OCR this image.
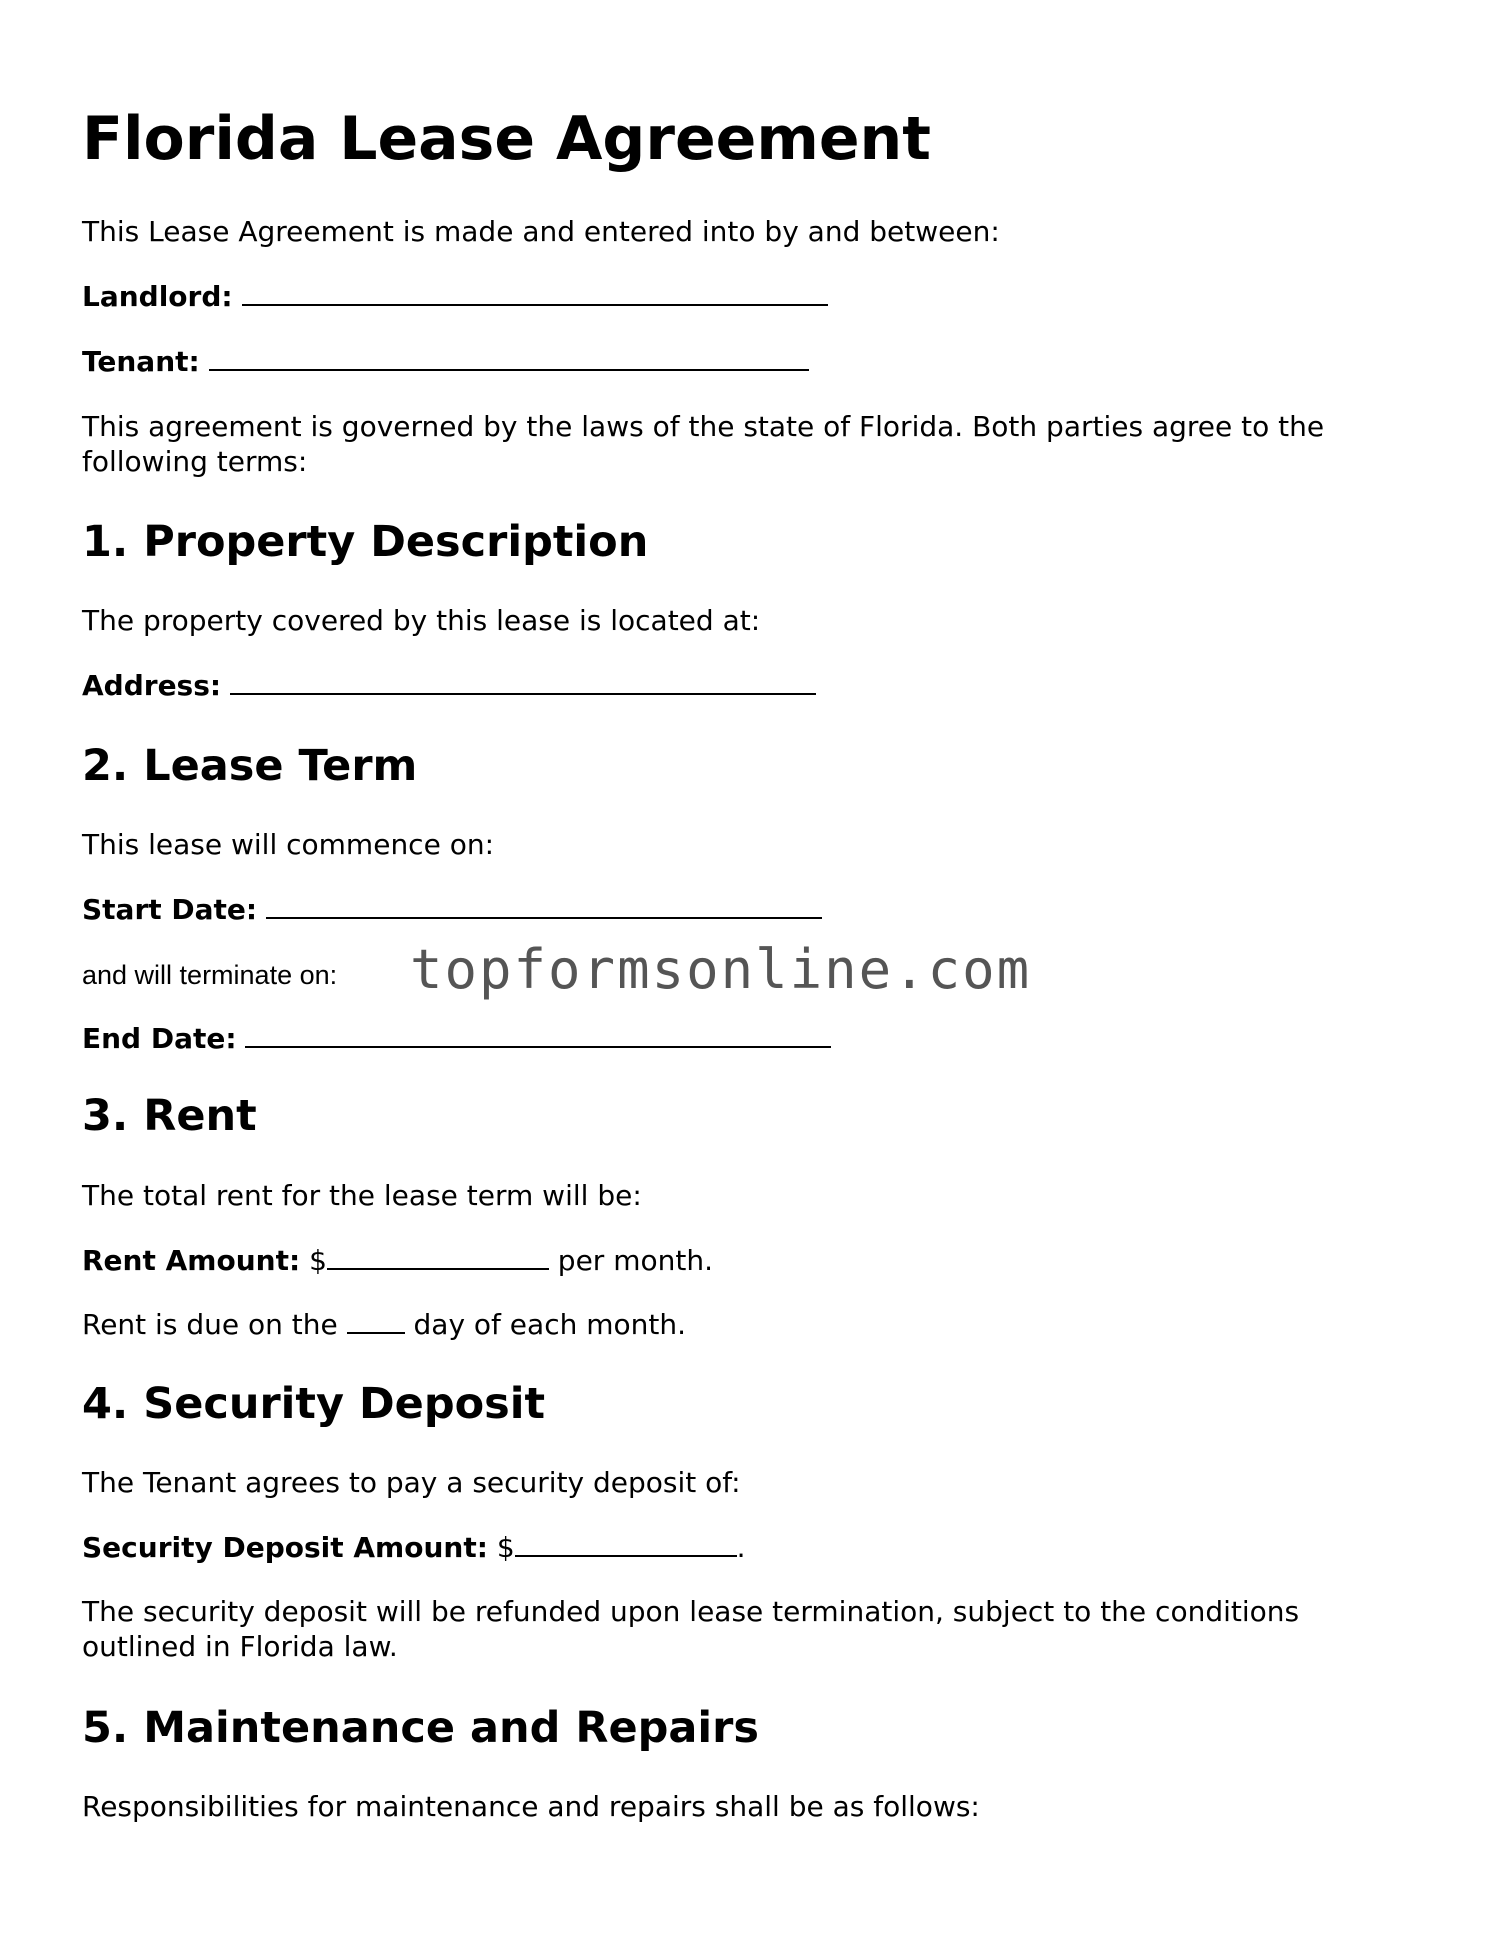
Florida Lease Agreement

This Lease Agreement is made and entered into by and between:

Landlord:

Tenant:

This agreement is governed by the laws of the state of Florida. Both parties agree to the following terms:

1. Property Description

The property covered by this lease is located at:

Address:

2. Lease Term

This lease will commence on:

Start Date:

and will terminate on:

End Date:

3. Rent

The total rent for the lease term will be:

Rent Amount: $	per month.

Rent is due on the	day of each month.

4. Security Deposit

The Tenant agrees to pay a security deposit of:

Security Deposit Amount: $	.

The security deposit will be refunded upon lease termination, subject to the conditions outlined in Florida law.

5. Maintenance and Repairs

Responsibilities for maintenance and repairs shall be as follows:

topformsonline.com
